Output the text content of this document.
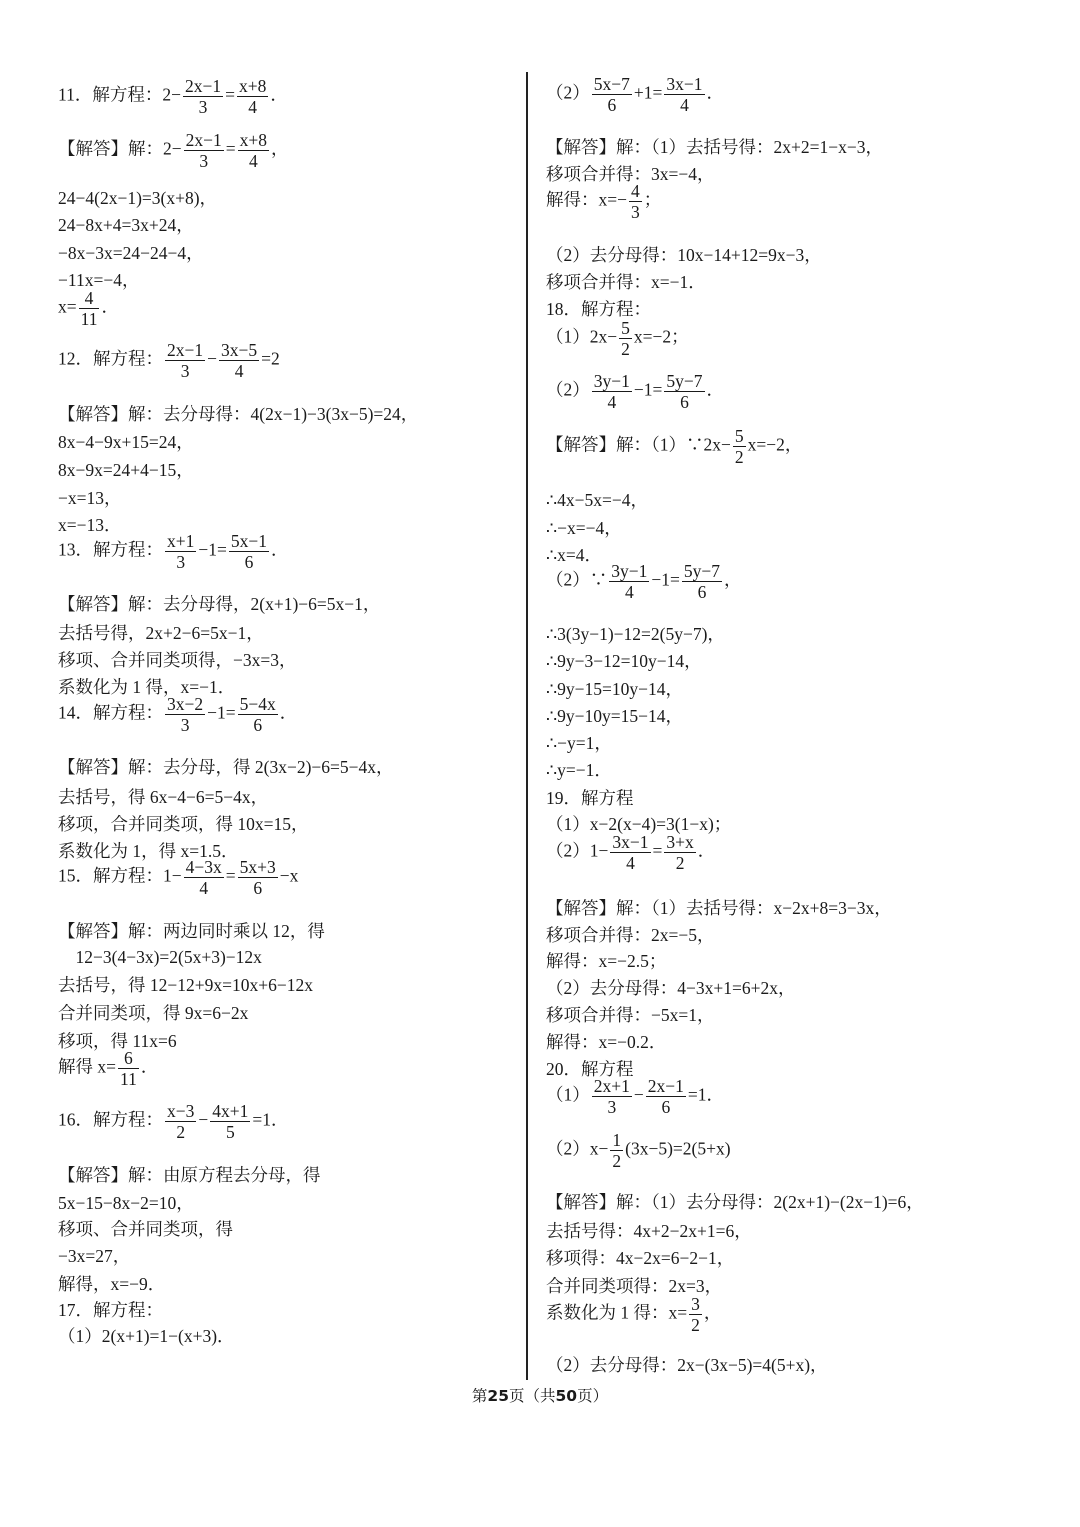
11．解方程：$2- \frac{2x-1}{3} = \frac{x+8}{4}$ ．
【解答】解：$2- \frac{2x-1}{3} = \frac{x+8}{4}$ ，
24−4(2x−1)=3(x+8)，
24−8x+4=3x+24，
−8x−3x=24−24−4，
−11x=−4，
$x= \frac{4}{11}$ ．
12．解方程： $\frac{2x-1}{3} - \frac{3x-5}{4} =2$
【解答】解：去分母得：4(2x−1)−3(3x−5)=24，
8x−4−9x+15=24，
8x−9x=24+4−15，
−x=13，
x=−13．
13．解方程： $\frac{x+1}{3} -1= \frac{5x-1}{6}$ ．
【解答】解：去分母得，2(x+1)−6=5x−1，
去括号得，2x+2−6=5x−1，
移项、合并同类项得，−3x=3，
系数化为 1 得，x=−1．
14．解方程： $\frac{3x-2}{3} -1= \frac{5-4x}{6}$ ．
【解答】解：去分母，得 2(3x−2)−6=5−4x，
去括号，得 6x−4−6=5−4x，
移项，合并同类项，得 10x=15，
系数化为 1，得 x=1.5．
15．解方程：$1- \frac{4-3x}{4} = \frac{5x+3}{6} -x$
【解答】解：两边同时乘以 12，得
　12−3(4−3x)=2(5x+3)−12x
去括号，得 12−12+9x=10x+6−12x
合并同类项，得 9x=6−2x
移项，得 11x=6
解得 $x= \frac{6}{11}$ ．
16．解方程： $\frac{x-3}{2} - \frac{4x+1}{5} =1$．
【解答】解：由原方程去分母，得
5x−15−8x−2=10，
移项、合并同类项，得
−3x=27，
解得，x=−9．
17．解方程：
（1）2(x+1)=1−(x+3)．
$(2) \frac{5x-7}{6} +1= \frac{3x-1}{4}$ ．
【解答】解：（1）去括号得：2x+2=1−x−3，
移项合并得：3x=−4，
解得：$x=- \frac{4}{3}$ ；
（2）去分母得：10x−14+12=9x−3，
移项合并得：x=−1．
18．解方程：
$(1)2x- \frac{5}{2} x=-2$；
$(2) \frac{3y-1}{4} -1= \frac{5y-7}{6}$ ．
【解答】解：（1）∵2x− $\frac{5}{2} x=-2$，
∴4x−5x=−4，
∴−x=−4，
∴x=4．
（2）∵ $\frac{3y-1}{4} -1= \frac{5y-7}{6}$ ，
∴3(3y−1)−12=2(5y−7)，
∴9y−3−12=10y−14，
∴9y−15=10y−14，
∴9y−10y=15−14，
∴−y=1，
∴y=−1．
19．解方程
（1）x−2(x−4)=3(1−x)；
$(2)1- \frac{3x-1}{4} = \frac{3+x}{2}$ ．
【解答】解：（1）去括号得：x−2x+8=3−3x，
移项合并得：2x=−5，
解得：x=−2.5；
（2）去分母得：4−3x+1=6+2x，
移项合并得：−5x=1，
解得：x=−0.2．
20．解方程
$(1) \frac{2x+1}{3} - \frac{2x-1}{6} =1$．
$(2)x- \frac{1}{2} (3x-5)=2(5+x)$
【解答】解：（1）去分母得：2(2x+1)−(2x−1)=6，
去括号得：4x+2−2x+1=6，
移项得：4x−2x=6−2−1，
合并同类项得：2x=3，
系数化为 1 得：$x= \frac{3}{2}$ ，
（2）去分母得：2x−(3x−5)=4(5+x)，
第25页（共50页）
